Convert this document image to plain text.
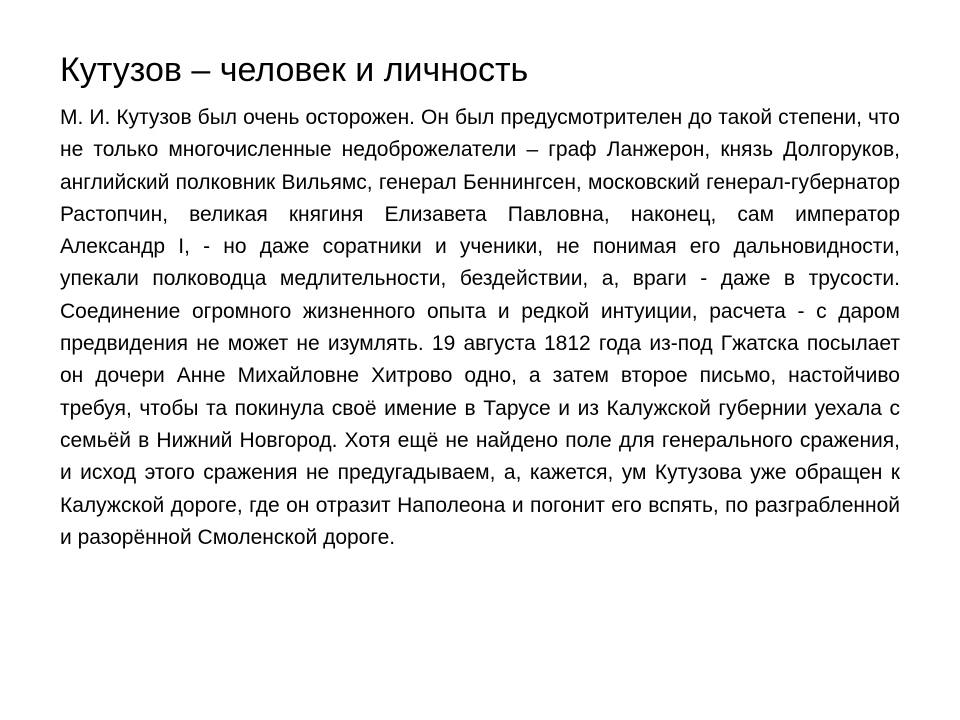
Кутузов – человек и личность

М. И. Кутузов был очень осторожен. Он был предусмотрителен до такой степени, что не только многочисленные недоброжелатели – граф Ланжерон, князь Долгоруков, английский полковник Вильямс, генерал Беннингсен, московский генерал-губернатор Растопчин, великая княгиня Елизавета Павловна, наконец, сам император Александр I, - но даже соратники и ученики, не понимая его дальновидности, упекали полководца медлительности, бездействии, а, враги - даже в трусости. Соединение огромного жизненного опыта и редкой интуиции, расчета - с даром предвидения не может не изумлять. 19 августа 1812 года из-под Гжатска посылает он дочери Анне Михайловне Хитрово одно, а затем второе письмо, настойчиво требуя, чтобы та покинула своё имение в Тарусе и из Калужской губернии уехала с семьёй в Нижний Новгород. Хотя ещё не найдено поле для генерального сражения, и исход этого сражения не предугадываем, а, кажется, ум Кутузова уже обращен к Калужской дороге, где он отразит Наполеона и погонит его вспять, по разграбленной и разорённой Смоленской дороге.
